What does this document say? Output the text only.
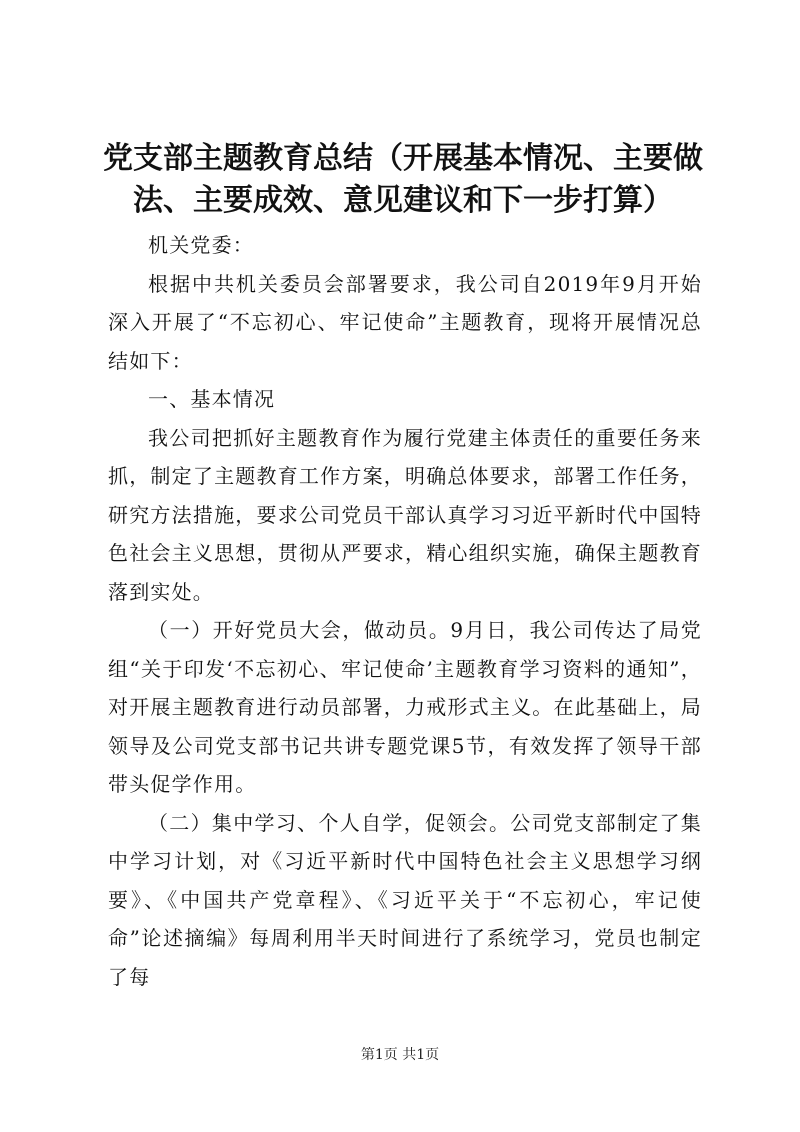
党支部主题教育总结（开展基本情况、主要做法、主要成效、意见建议和下一步打算）

机关党委：

根据中共机关委员会部署要求，我公司自2019年9月开始深入开展了“不忘初心、牢记使命”主题教育，现将开展情况总结如下：

一、基本情况

我公司把抓好主题教育作为履行党建主体责任的重要任务来抓，制定了主题教育工作方案，明确总体要求，部署工作任务，研究方法措施，要求公司党员干部认真学习习近平新时代中国特色社会主义思想，贯彻从严要求，精心组织实施，确保主题教育落到实处。

（一）开好党员大会，做动员。9月日，我公司传达了局党组“关于印发‘不忘初心、牢记使命’主题教育学习资料的通知”，对开展主题教育进行动员部署，力戒形式主义。在此基础上，局领导及公司党支部书记共讲专题党课5节，有效发挥了领导干部带头促学作用。

（二）集中学习、个人自学，促领会。公司党支部制定了集中学习计划，对《习近平新时代中国特色社会主义思想学习纲要》、《中国共产党章程》、《习近平关于“不忘初心，牢记使命”论述摘编》每周利用半天时间进行了系统学习，党员也制定了每

第1页 共1页
